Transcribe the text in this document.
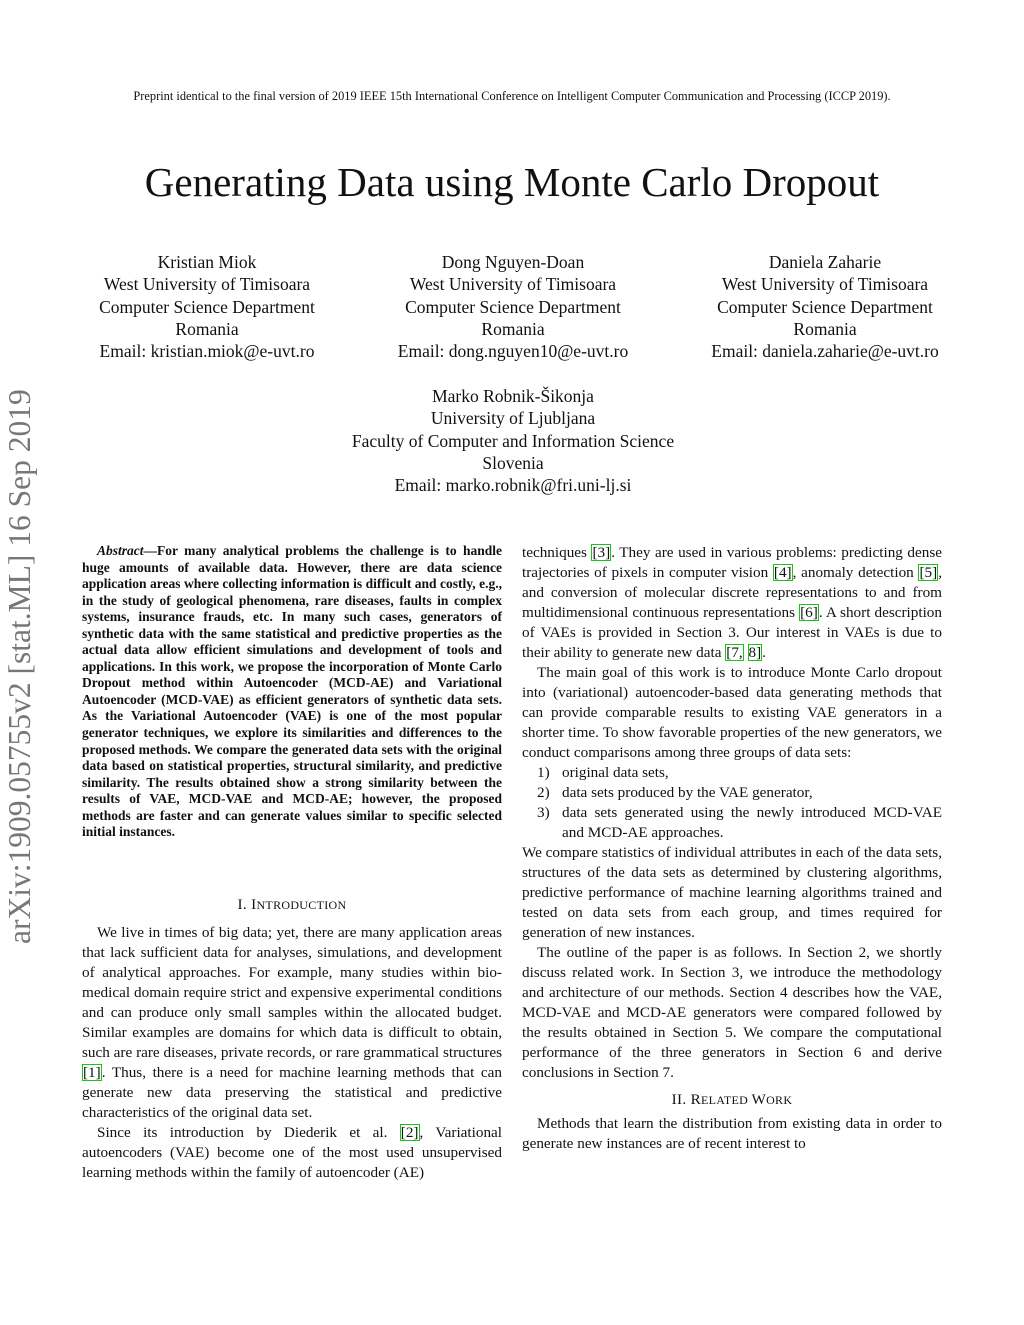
Preprint identical to the final version of 2019 IEEE 15th International Conference on Intelligent Computer Communication and Processing (ICCP 2019).
Generating Data using Monte Carlo Dropout
arXiv:1909.05755v2 [stat.ML] 16 Sep 2019
Kristian Miok
West University of Timisoara
Computer Science Department
Romania
Email: kristian.miok@e-uvt.ro
Dong Nguyen-Doan
West University of Timisoara
Computer Science Department
Romania
Email: dong.nguyen10@e-uvt.ro
Daniela Zaharie
West University of Timisoara
Computer Science Department
Romania
Email: daniela.zaharie@e-uvt.ro
Marko Robnik-Šikonja
University of Ljubljana
Faculty of Computer and Information Science
Slovenia
Email: marko.robnik@fri.uni-lj.si
Abstract—For many analytical problems the challenge is to handle huge amounts of available data. However, there are data science application areas where collecting information is difficult and costly, e.g., in the study of geological phenomena, rare diseases, faults in complex systems, insurance frauds, etc. In many such cases, generators of synthetic data with the same statistical and predictive properties as the actual data allow efficient simulations and development of tools and applications. In this work, we propose the incorporation of Monte Carlo Dropout method within Autoencoder (MCD-AE) and Variational Autoencoder (MCD-VAE) as efficient generators of synthetic data sets. As the Variational Autoencoder (VAE) is one of the most popular generator techniques, we explore its similarities and differences to the proposed methods. We compare the generated data sets with the original data based on statistical properties, structural similarity, and predictive similarity. The results obtained show a strong similarity between the results of VAE, MCD-VAE and MCD-AE; however, the proposed methods are faster and can generate values similar to specific selected initial instances.
I. INTRODUCTION

We live in times of big data; yet, there are many application areas that lack sufficient data for analyses, simulations, and development of analytical approaches. For example, many studies within bio-medical domain require strict and expensive experimental conditions and can produce only small samples within the allocated budget. Similar examples are domains for which data is difficult to obtain, such are rare diseases, private records, or rare grammatical structures [1]. Thus, there is a need for machine learning methods that can generate new data preserving the statistical and predictive characteristics of the original data set.

Since its introduction by Diederik et al. [2], Variational autoencoders (VAE) become one of the most used unsupervised learning methods within the family of autoencoder (AE)

techniques [3]. They are used in various problems: predicting dense trajectories of pixels in computer vision [4], anomaly detection [5], and conversion of molecular discrete representations to and from multidimensional continuous representations [6]. A short description of VAEs is provided in Section 3. Our interest in VAEs is due to their ability to generate new data [7, 8].

The main goal of this work is to introduce Monte Carlo dropout into (variational) autoencoder-based data generating methods that can provide comparable results to existing VAE generators in a shorter time. To show favorable properties of the new generators, we conduct comparisons among three groups of data sets:

1) original data sets,
2) data sets produced by the VAE generator,
3) data sets generated using the newly introduced MCD-VAE and MCD-AE approaches.

We compare statistics of individual attributes in each of the data sets, structures of the data sets as determined by clustering algorithms, predictive performance of machine learning algorithms trained and tested on data sets from each group, and times required for generation of new instances.

The outline of the paper is as follows. In Section 2, we shortly discuss related work. In Section 3, we introduce the methodology and architecture of our methods. Section 4 describes how the VAE, MCD-VAE and MCD-AE generators were compared followed by the results obtained in Section 5. We compare the computational performance of the three generators in Section 6 and derive conclusions in Section 7.

II. RELATED WORK

Methods that learn the distribution from existing data in order to generate new instances are of recent interest to
